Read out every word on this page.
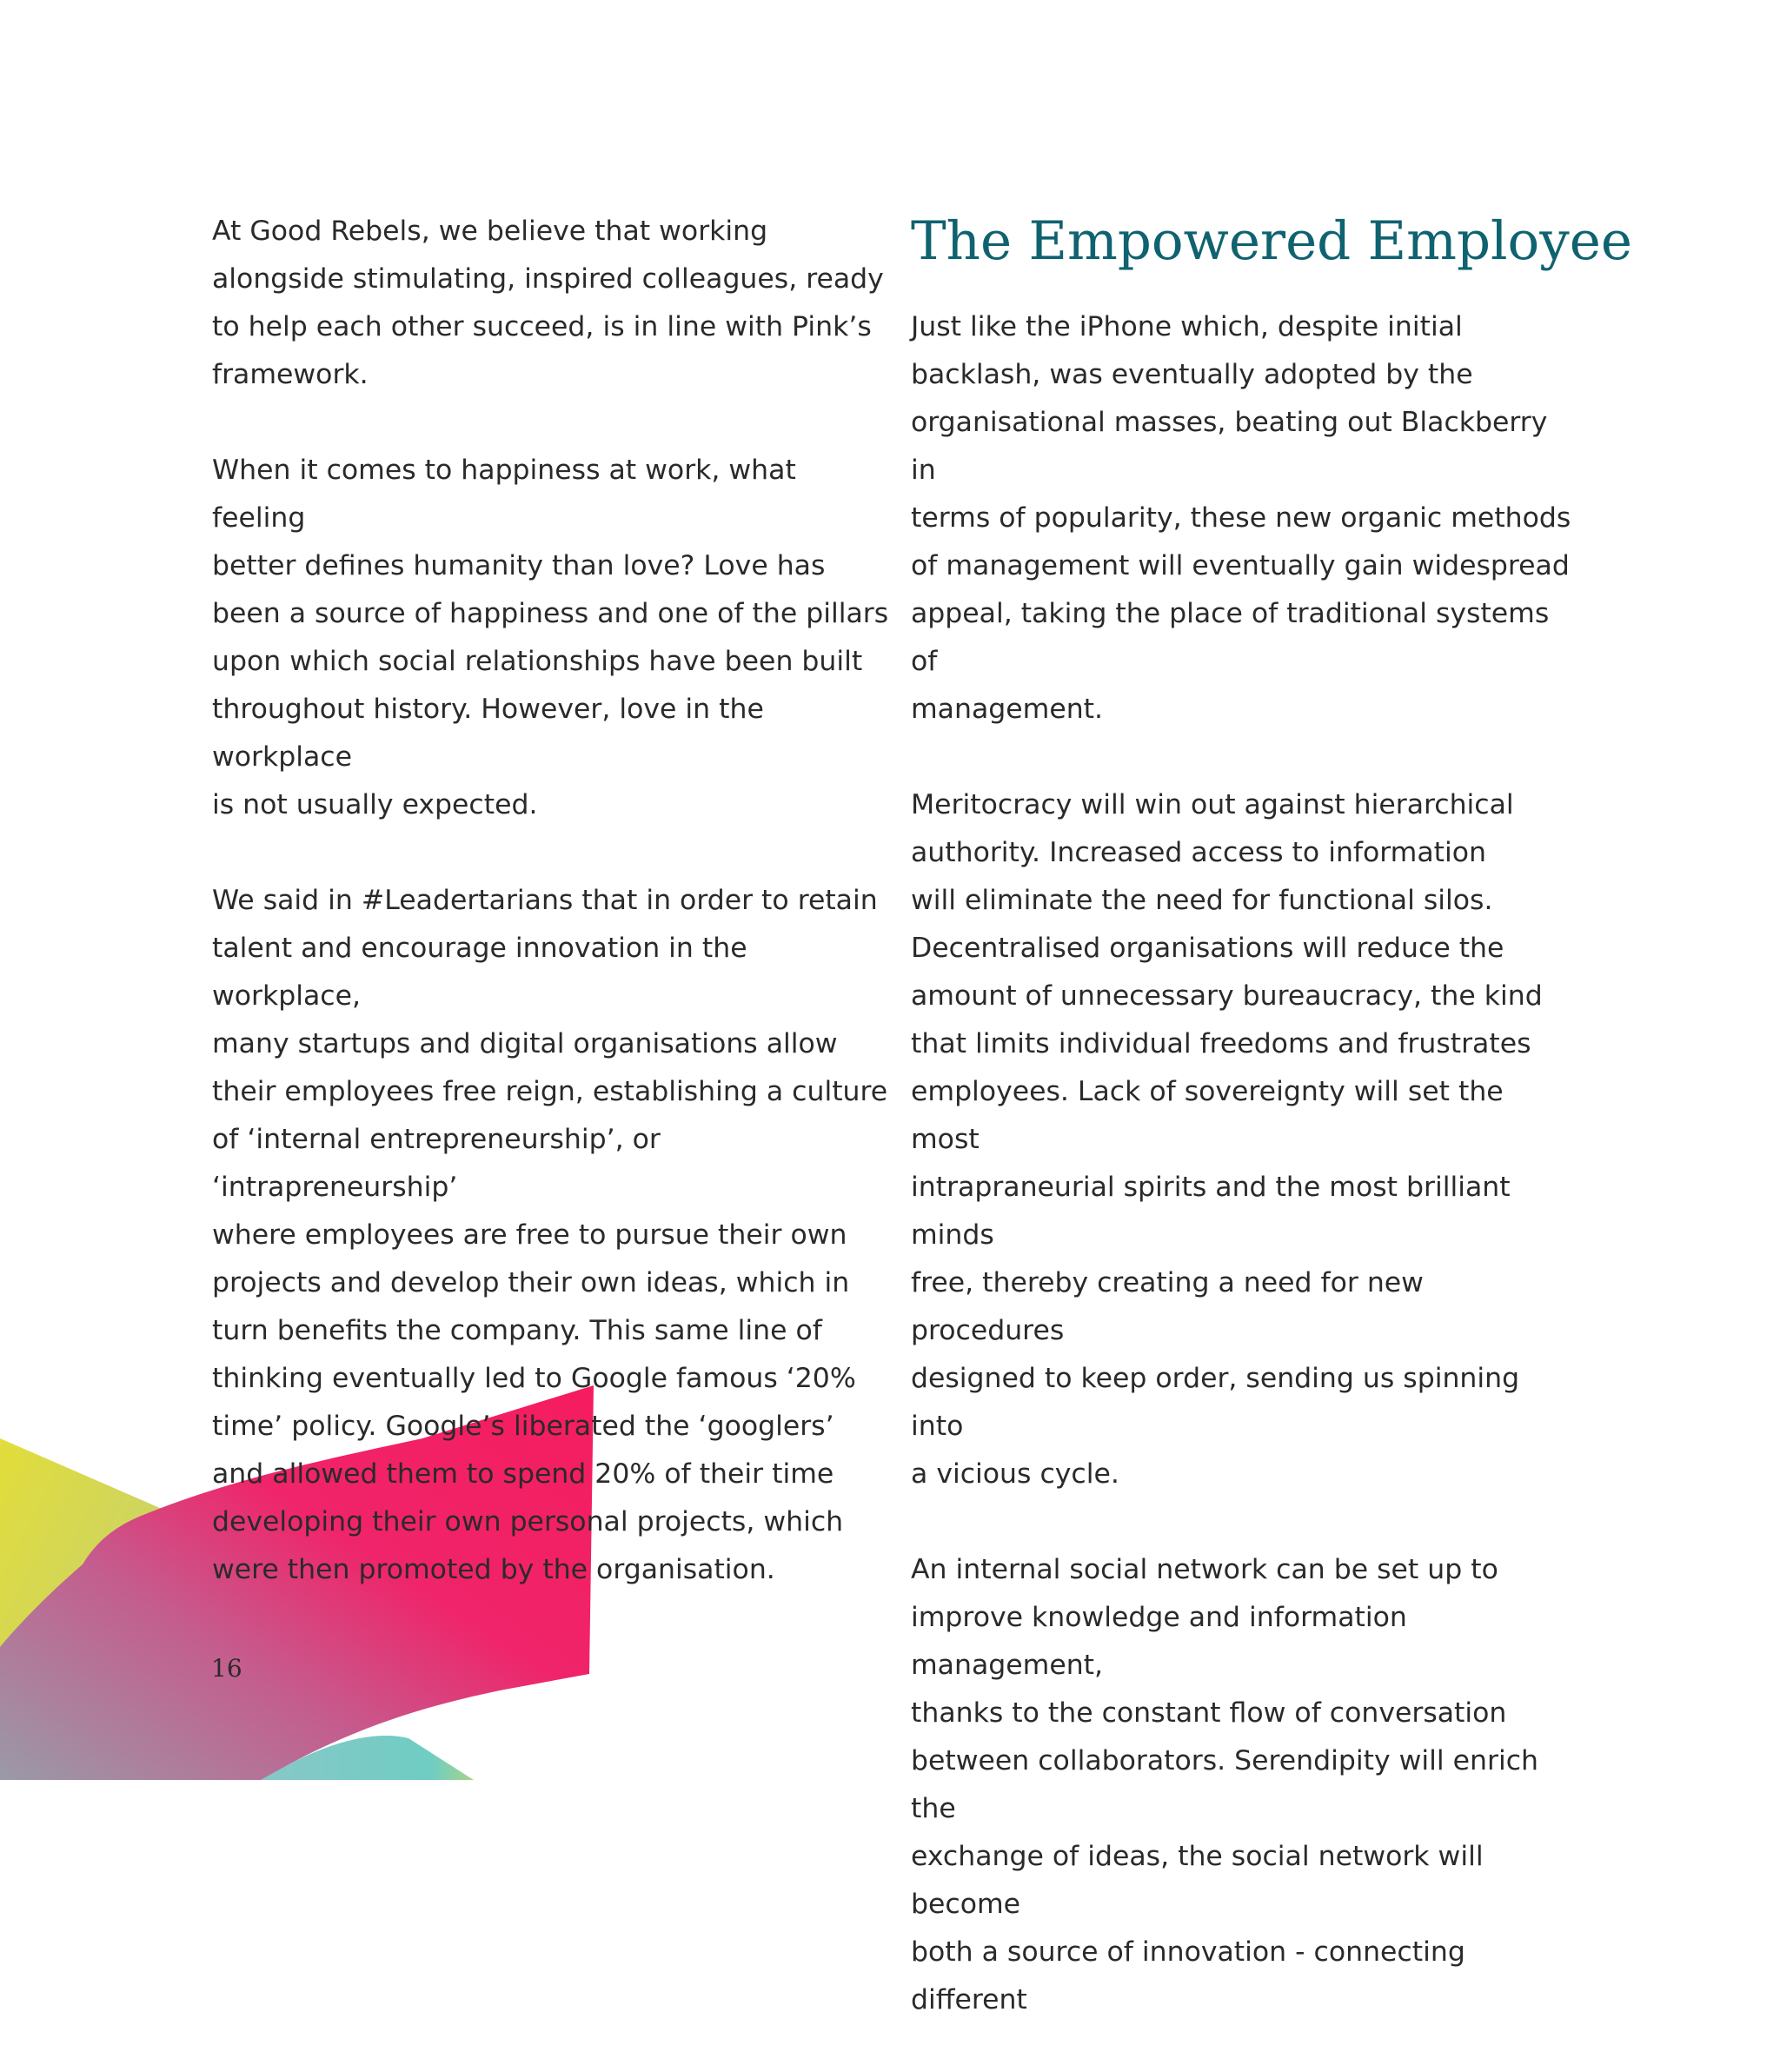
At Good Rebels, we believe that working
alongside stimulating, inspired colleagues, ready
to help each other succeed, is in line with Pink’s
framework.

When it comes to happiness at work, what feeling
better defines humanity than love? Love has
been a source of happiness and one of the pillars
upon which social relationships have been built
throughout history. However, love in the workplace
is not usually expected.

We said in #Leadertarians that in order to retain
talent and encourage innovation in the workplace,
many startups and digital organisations allow
their employees free reign, establishing a culture
of ‘internal entrepreneurship’, or ‘intrapreneurship’
where employees are free to pursue their own
projects and develop their own ideas, which in
turn benefits the company. This same line of
thinking eventually led to Google famous ‘20%
time’ policy. Google’s liberated the ‘googlers’
and allowed them to spend 20% of their time
developing their own personal projects, which
were then promoted by the organisation.

The Empowered Employee

Just like the iPhone which, despite initial
backlash, was eventually adopted by the
organisational masses, beating out Blackberry in
terms of popularity, these new organic methods
of management will eventually gain widespread
appeal, taking the place of traditional systems of
management.

Meritocracy will win out against hierarchical
authority. Increased access to information
will eliminate the need for functional silos.
Decentralised organisations will reduce the
amount of unnecessary bureaucracy, the kind
that limits individual freedoms and frustrates
employees. Lack of sovereignty will set the most
intrapraneurial spirits and the most brilliant minds
free, thereby creating a need for new procedures
designed to keep order, sending us spinning into
a vicious cycle.

An internal social network can be set up to
improve knowledge and information management,
thanks to the constant flow of conversation
between collaborators. Serendipity will enrich the
exchange of ideas, the social network will become
both a source of innovation - connecting different

16
